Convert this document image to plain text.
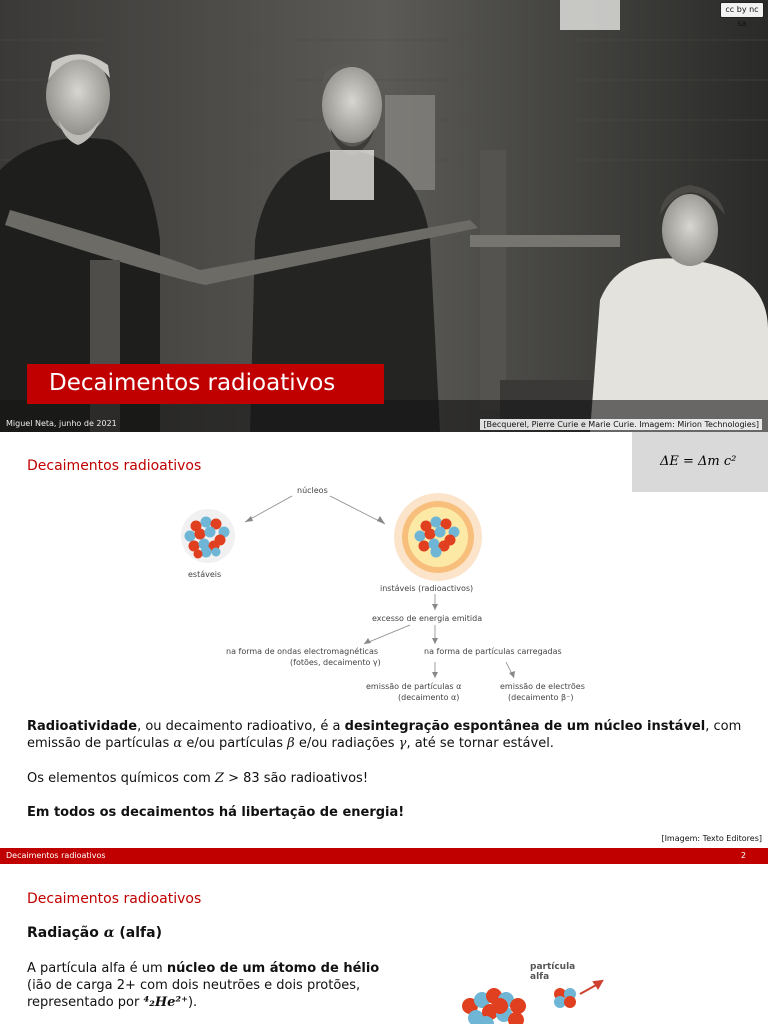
cc by nc sa
Decaimentos radioativos
Miguel Neta, junho de 2021	[Becquerel, Pierre Curie e Marie Curie. Imagem: Mirion Technologies]
Decaimentos radioativos	ΔE = Δm c²
núcleos
estáveis
instáveis (radioactivos)
excesso de energia emitida
na forma de ondas electromagnéticas
(fotões, decaimento γ)
na forma de partículas carregadas
emissão de partículas α
(decaimento α)
emissão de electrões
(decaimento β⁻)

Radioatividade, ou decaimento radioativo, é a desintegração espontânea de um núcleo instável, com emissão de partículas α e/ou partículas β e/ou radiações γ, até se tornar estável.

Os elementos químicos com Z > 83 são radioativos!

Em todos os decaimentos há libertação de energia!

[Imagem: Texto Editores]
Decaimentos radioativos	2
Decaimentos radioativos
Radiação α (alfa)

A partícula alfa é um núcleo de um átomo de hélio (ião de carga 2+ com dois neutrões e dois protões, representado por ⁴₂He²⁺).

partícula
alfa
